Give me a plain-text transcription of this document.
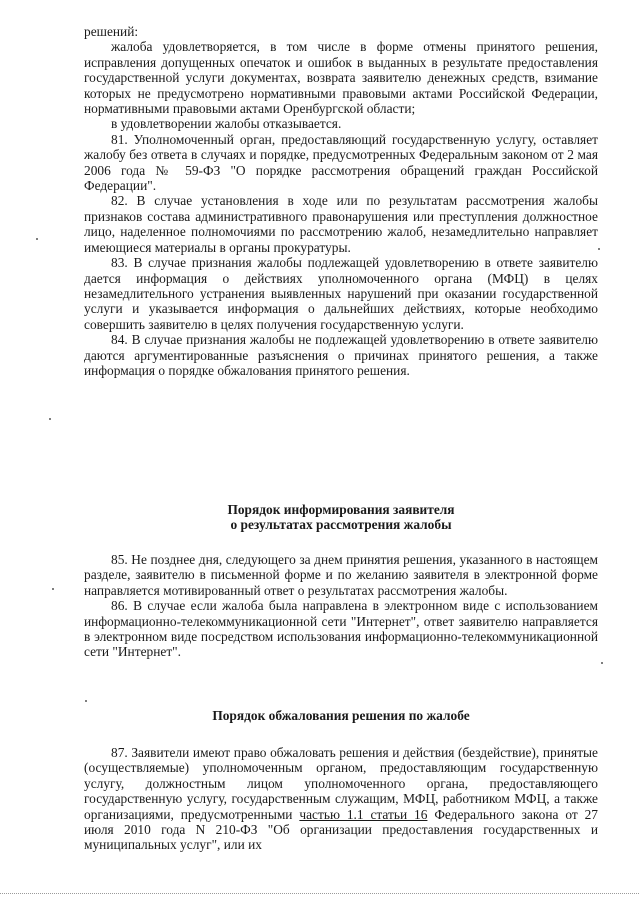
решений:

жалоба удовлетворяется, в том числе в форме отмены принятого решения, исправления допущенных опечаток и ошибок в выданных в результате предоставления государственной услуги документах, возврата заявителю денежных средств, взимание которых не предусмотрено нормативными правовыми актами Российской Федерации, нормативными правовыми актами Оренбургской области;

в удовлетворении жалобы отказывается.

81. Уполномоченный орган, предоставляющий государственную услугу, оставляет жалобу без ответа в случаях и порядке, предусмотренных Федеральным законом от 2 мая 2006 года № 59-ФЗ "О порядке рассмотрения обращений граждан Российской Федерации".

82. В случае установления в ходе или по результатам рассмотрения жалобы признаков состава административного правонарушения или преступления должностное лицо, наделенное полномочиями по рассмотрению жалоб, незамедлительно направляет имеющиеся материалы в органы прокуратуры.

83. В случае признания жалобы подлежащей удовлетворению в ответе заявителю дается информация о действиях уполномоченного органа (МФЦ) в целях незамедлительного устранения выявленных нарушений при оказании государственной услуги и указывается информация о дальнейших действиях, которые необходимо совершить заявителю в целях получения государственную услуги.

84. В случае признания жалобы не подлежащей удовлетворению в ответе заявителю даются аргументированные разъяснения о причинах принятого решения, а также информация о порядке обжалования принятого решения.

Порядок информирования заявителя

о результатах рассмотрения жалобы

85. Не позднее дня, следующего за днем принятия решения, указанного в настоящем разделе, заявителю в письменной форме и по желанию заявителя в электронной форме направляется мотивированный ответ о результатах рассмотрения жалобы.

86. В случае если жалоба была направлена в электронном виде с использованием информационно-телекоммуникационной сети "Интернет", ответ заявителю направляется в электронном виде посредством использования информационно-телекоммуникационной сети "Интернет".

Порядок обжалования решения по жалобе

87. Заявители имеют право обжаловать решения и действия (бездействие), принятые (осуществляемые) уполномоченным органом, предоставляющим государственную услугу, должностным лицом уполномоченного органа, предоставляющего государственную услугу, государственным служащим, МФЦ, работником МФЦ, а также организациями, предусмотренными частью 1.1 статьи 16 Федерального закона от 27 июля 2010 года N 210-ФЗ "Об организации предоставления государственных и муниципальных услуг", или их
